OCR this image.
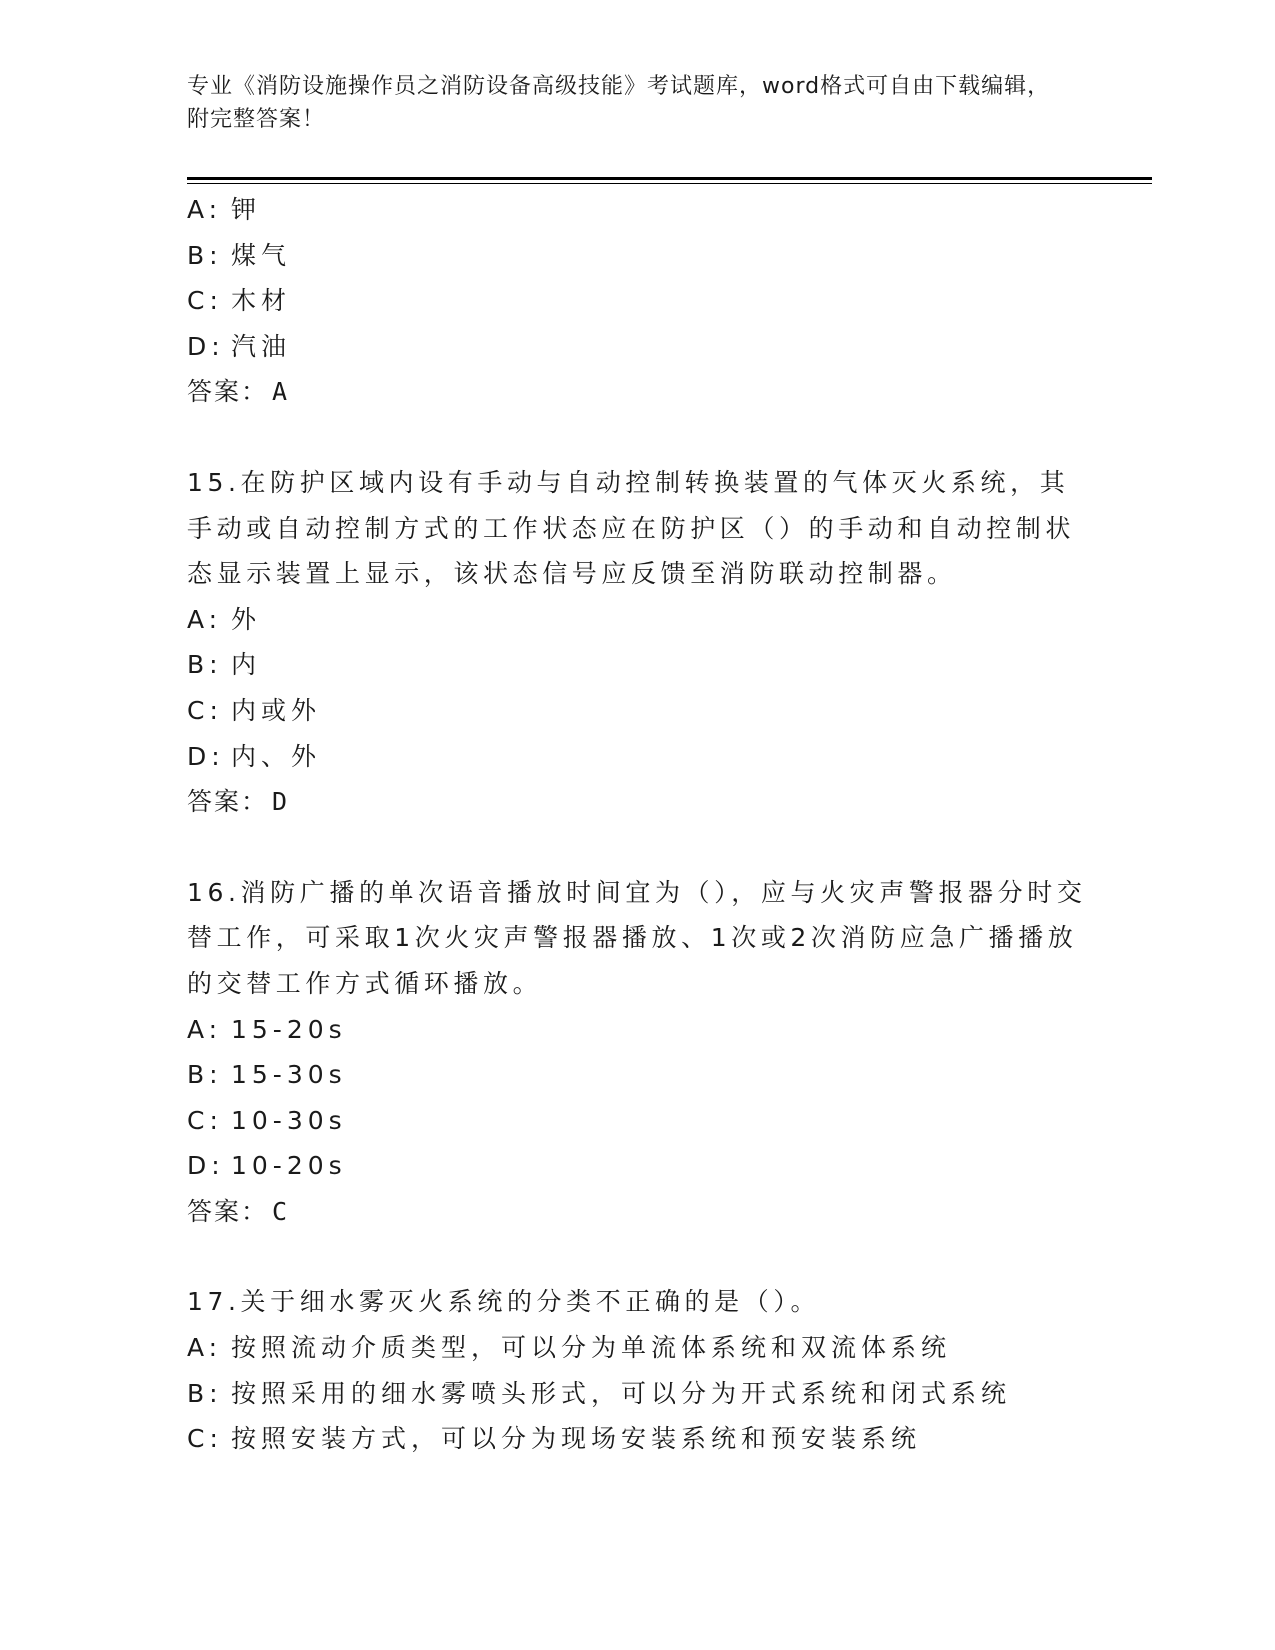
专业《消防设施操作员之消防设备高级技能》考试题库，word格式可自由下载编辑，附完整答案！
A: 钾
B: 煤气
C: 木材
D: 汽油
答案： A
15.在防护区域内设有手动与自动控制转换装置的气体灭火系统，其手动或自动控制方式的工作状态应在防护区（）的手动和自动控制状态显示装置上显示，该状态信号应反馈至消防联动控制器。
A: 外
B: 内
C: 内或外
D: 内、外
答案： D
16.消防广播的单次语音播放时间宜为（），应与火灾声警报器分时交替工作，可采取1次火灾声警报器播放、1次或2次消防应急广播播放的交替工作方式循环播放。
A: 15-20s
B: 15-30s
C: 10-30s
D: 10-20s
答案： C
17.关于细水雾灭火系统的分类不正确的是（）。
A: 按照流动介质类型，可以分为单流体系统和双流体系统
B: 按照采用的细水雾喷头形式，可以分为开式系统和闭式系统
C: 按照安装方式，可以分为现场安装系统和预安装系统
